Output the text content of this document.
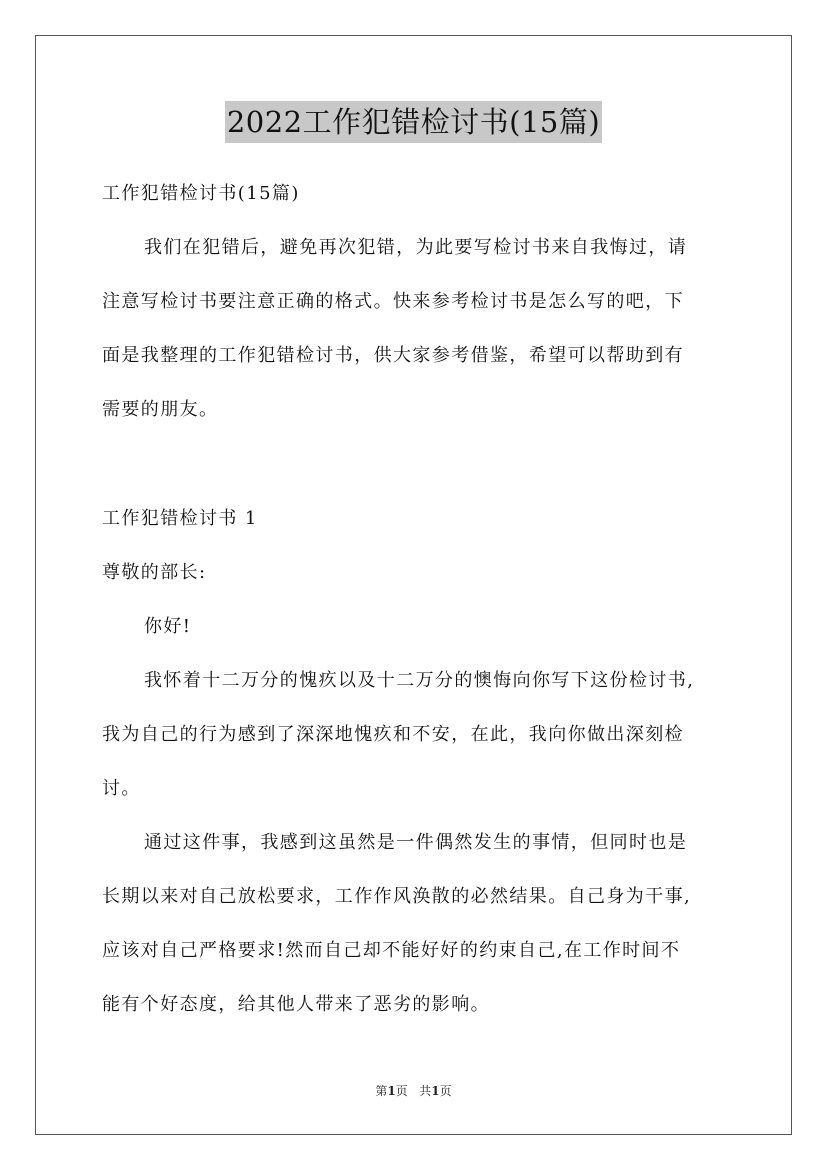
2022工作犯错检讨书(15篇)
工作犯错检讨书(15篇)
我们在犯错后，避免再次犯错，为此要写检讨书来自我悔过，请
注意写检讨书要注意正确的格式。快来参考检讨书是怎么写的吧，下
面是我整理的工作犯错检讨书，供大家参考借鉴，希望可以帮助到有
需要的朋友。
工作犯错检讨书 1
尊敬的部长:
你好!
我怀着十二万分的愧疚以及十二万分的懊悔向你写下这份检讨书,
我为自己的行为感到了深深地愧疚和不安，在此，我向你做出深刻检
讨。
通过这件事，我感到这虽然是一件偶然发生的事情，但同时也是
长期以来对自己放松要求，工作作风涣散的必然结果。自己身为干事,
应该对自己严格要求!然而自己却不能好好的约束自己,在工作时间不
能有个好态度，给其他人带来了恶劣的影响。
第1页 共1页
